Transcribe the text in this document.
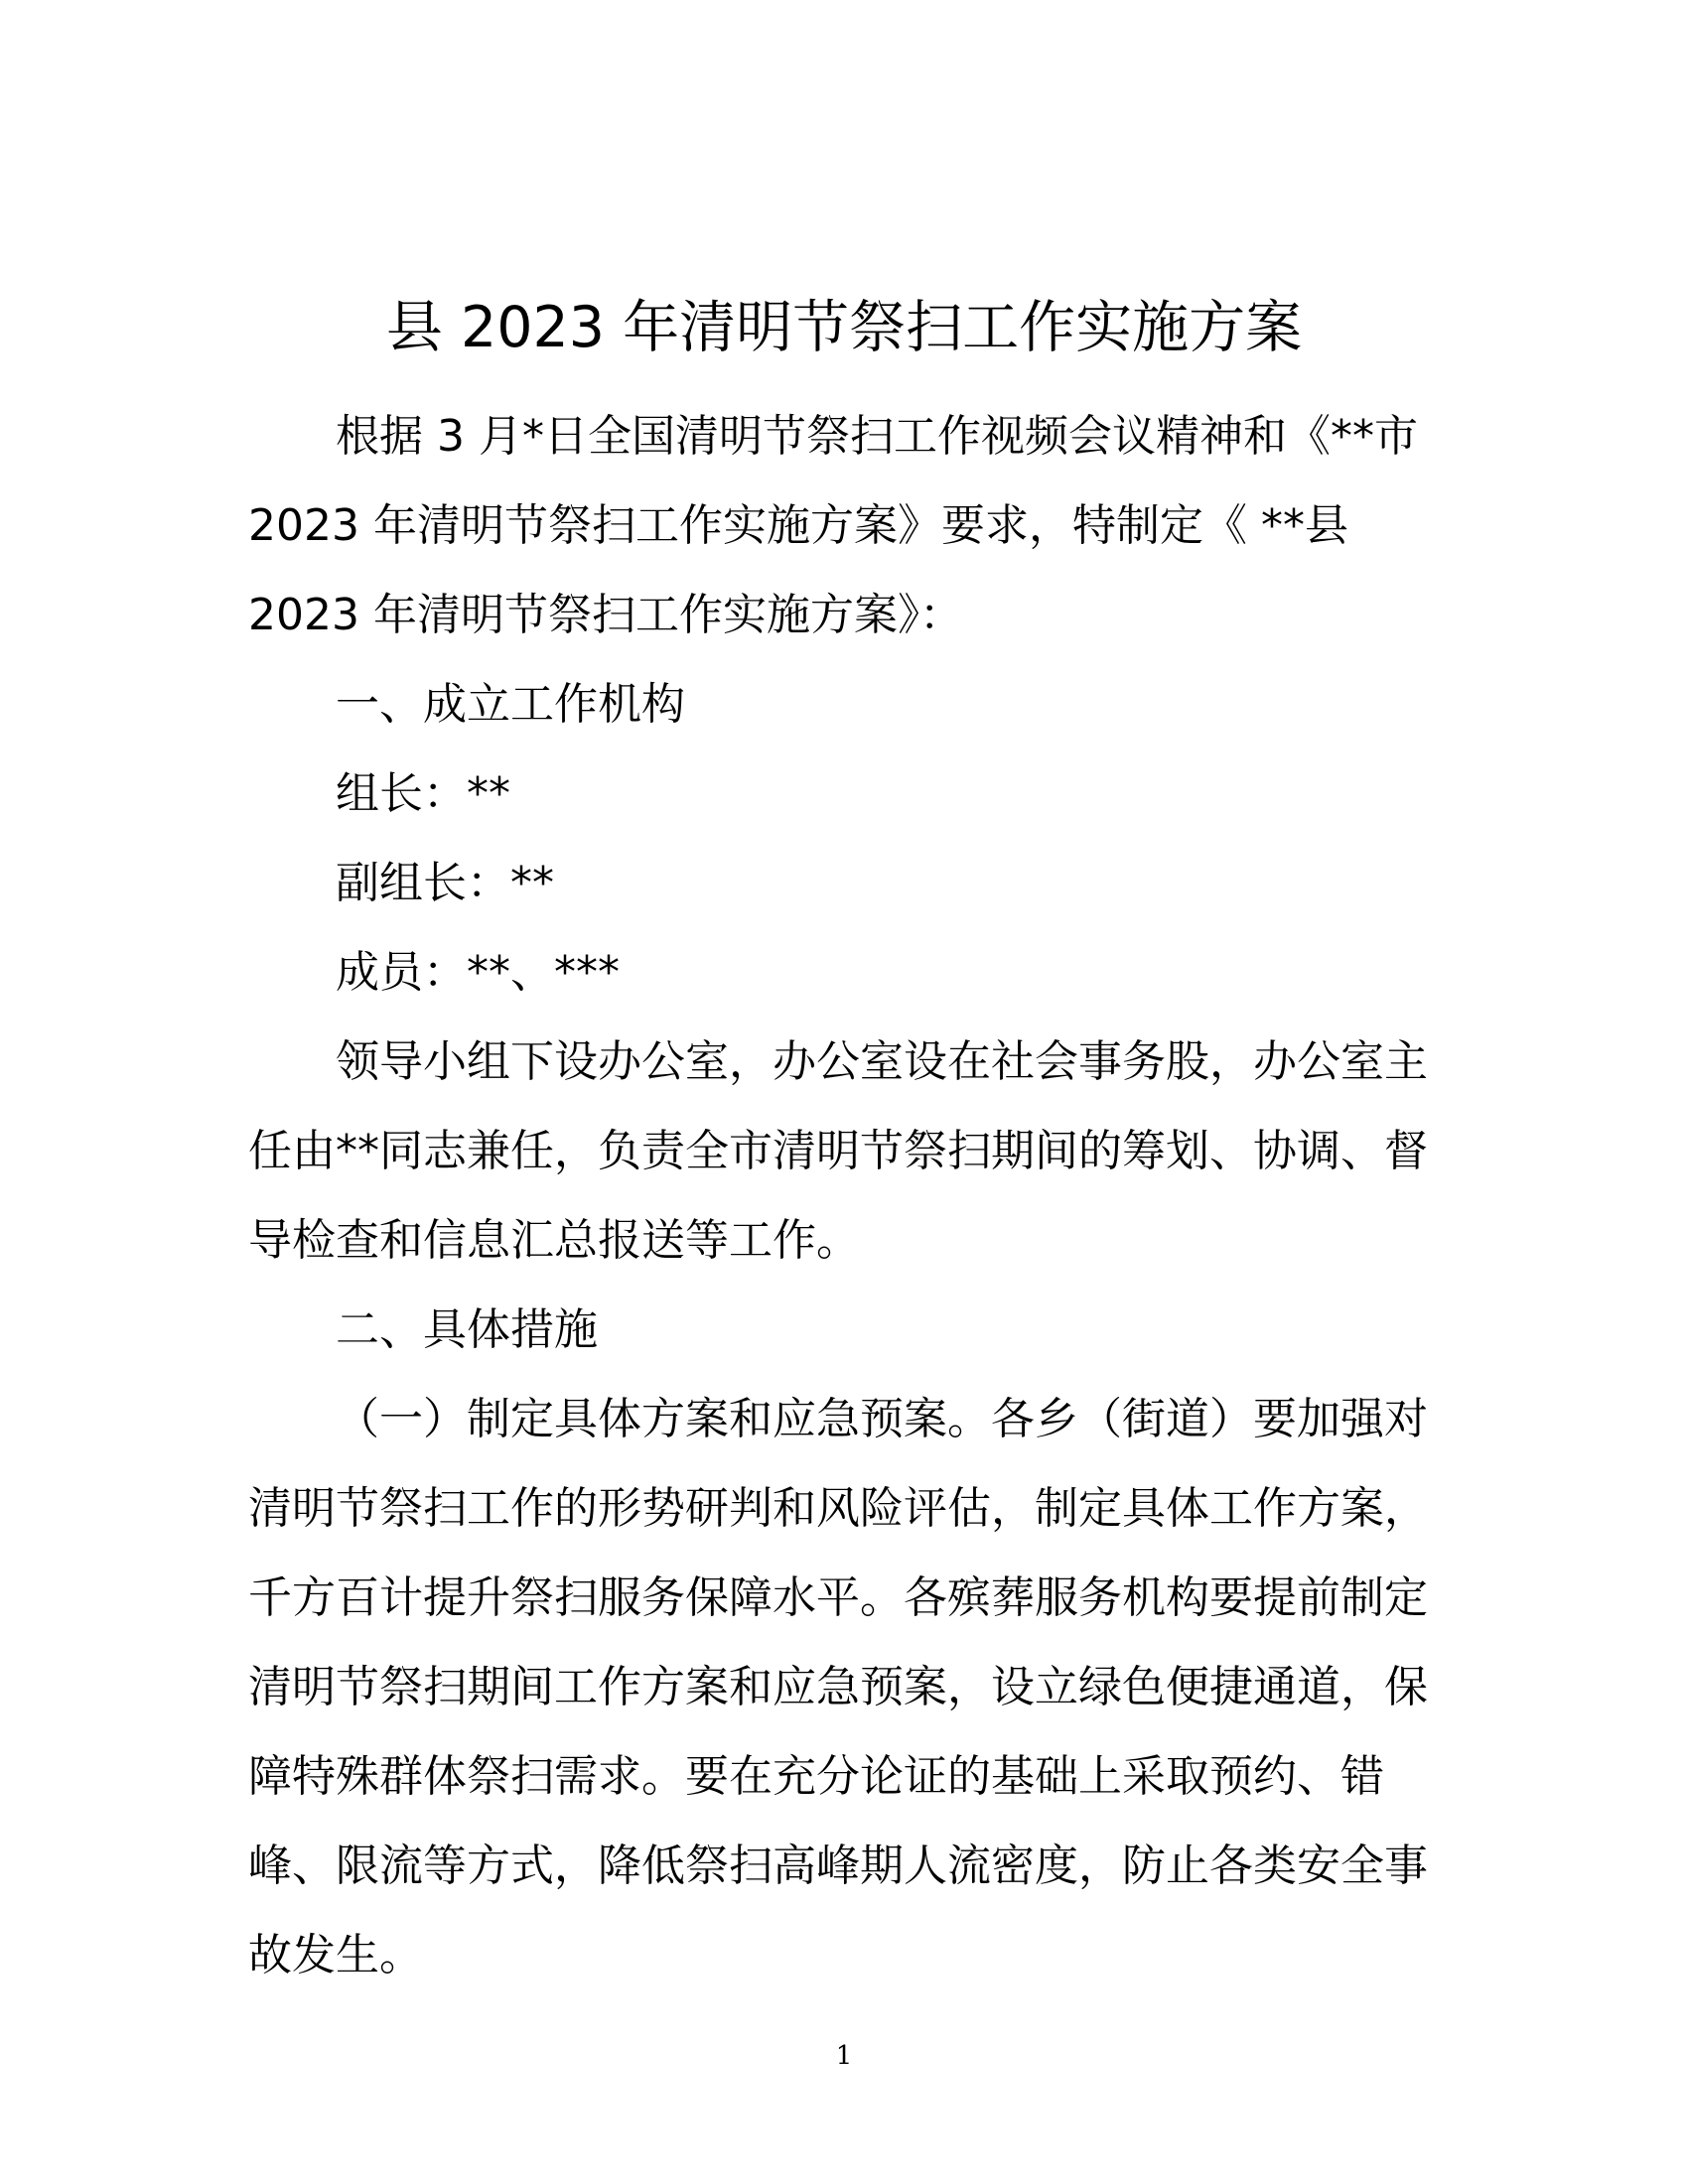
县 2023 年清明节祭扫工作实施方案
根据 3 月*日全国清明节祭扫工作视频会议精神和《**市
2023 年清明节祭扫工作实施方案》要求，特制定《 **县
2023 年清明节祭扫工作实施方案》：
一、成立工作机构
组长：**
副组长：**
成员：**、***
领导小组下设办公室，办公室设在社会事务股，办公室主
任由**同志兼任，负责全市清明节祭扫期间的筹划、协调、督
导检查和信息汇总报送等工作。
二、具体措施
（一）制定具体方案和应急预案。各乡（街道）要加强对
清明节祭扫工作的形势研判和风险评估，制定具体工作方案，
千方百计提升祭扫服务保障水平。各殡葬服务机构要提前制定
清明节祭扫期间工作方案和应急预案，设立绿色便捷通道，保
障特殊群体祭扫需求。要在充分论证的基础上采取预约、错
峰、限流等方式，降低祭扫高峰期人流密度，防止各类安全事
故发生。
1
